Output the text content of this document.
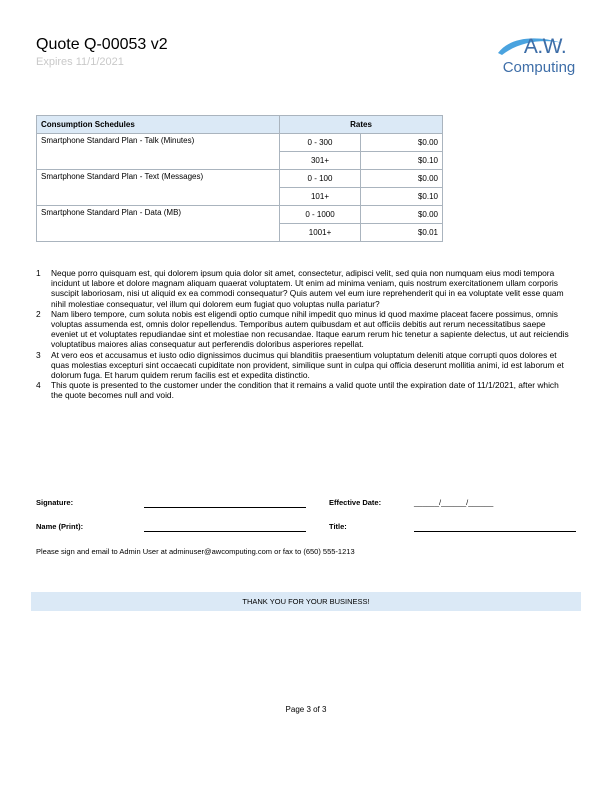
Quote Q-00053 v2
Expires 11/1/2021
A.W.
Computing
Consumption Schedules	Rates	
Smartphone Standard Plan - Talk (Minutes)	0 - 300	$0.00
	301+	$0.10
Smartphone Standard Plan - Text (Messages)	0 - 100	$0.00
	101+	$0.10
Smartphone Standard Plan - Data (MB)	0 - 1000	$0.00
	1001+	$0.01
1 Neque porro quisquam est, qui dolorem ipsum quia dolor sit amet, consectetur, adipisci velit, sed quia non numquam eius modi tempora incidunt ut labore et dolore magnam aliquam quaerat voluptatem. Ut enim ad minima veniam, quis nostrum exercitationem ullam corporis suscipit laboriosam, nisi ut aliquid ex ea commodi consequatur? Quis autem vel eum iure reprehenderit qui in ea voluptate velit esse quam nihil molestiae consequatur, vel illum qui dolorem eum fugiat quo voluptas nulla pariatur?
2 Nam libero tempore, cum soluta nobis est eligendi optio cumque nihil impedit quo minus id quod maxime placeat facere possimus, omnis voluptas assumenda est, omnis dolor repellendus. Temporibus autem quibusdam et aut officiis debitis aut rerum necessitatibus saepe eveniet ut et voluptates repudiandae sint et molestiae non recusandae. Itaque earum rerum hic tenetur a sapiente delectus, ut aut reiciendis voluptatibus maiores alias consequatur aut perferendis doloribus asperiores repellat.
3 At vero eos et accusamus et iusto odio dignissimos ducimus qui blanditiis praesentium voluptatum deleniti atque corrupti quos dolores et quas molestias excepturi sint occaecati cupiditate non provident, similique sunt in culpa qui officia deserunt mollitia animi, id est laborum et dolorum fuga. Et harum quidem rerum facilis est et expedita distinctio.
4 This quote is presented to the customer under the condition that it remains a valid quote until the expiration date of 11/1/2021, after which the quote becomes null and void.
Signature:	Effective Date:	______/______/______
Name (Print):	Title:
Please sign and email to Admin User at adminuser@awcomputing.com or fax to (650) 555-1213
THANK YOU FOR YOUR BUSINESS!
Page 3 of 3
